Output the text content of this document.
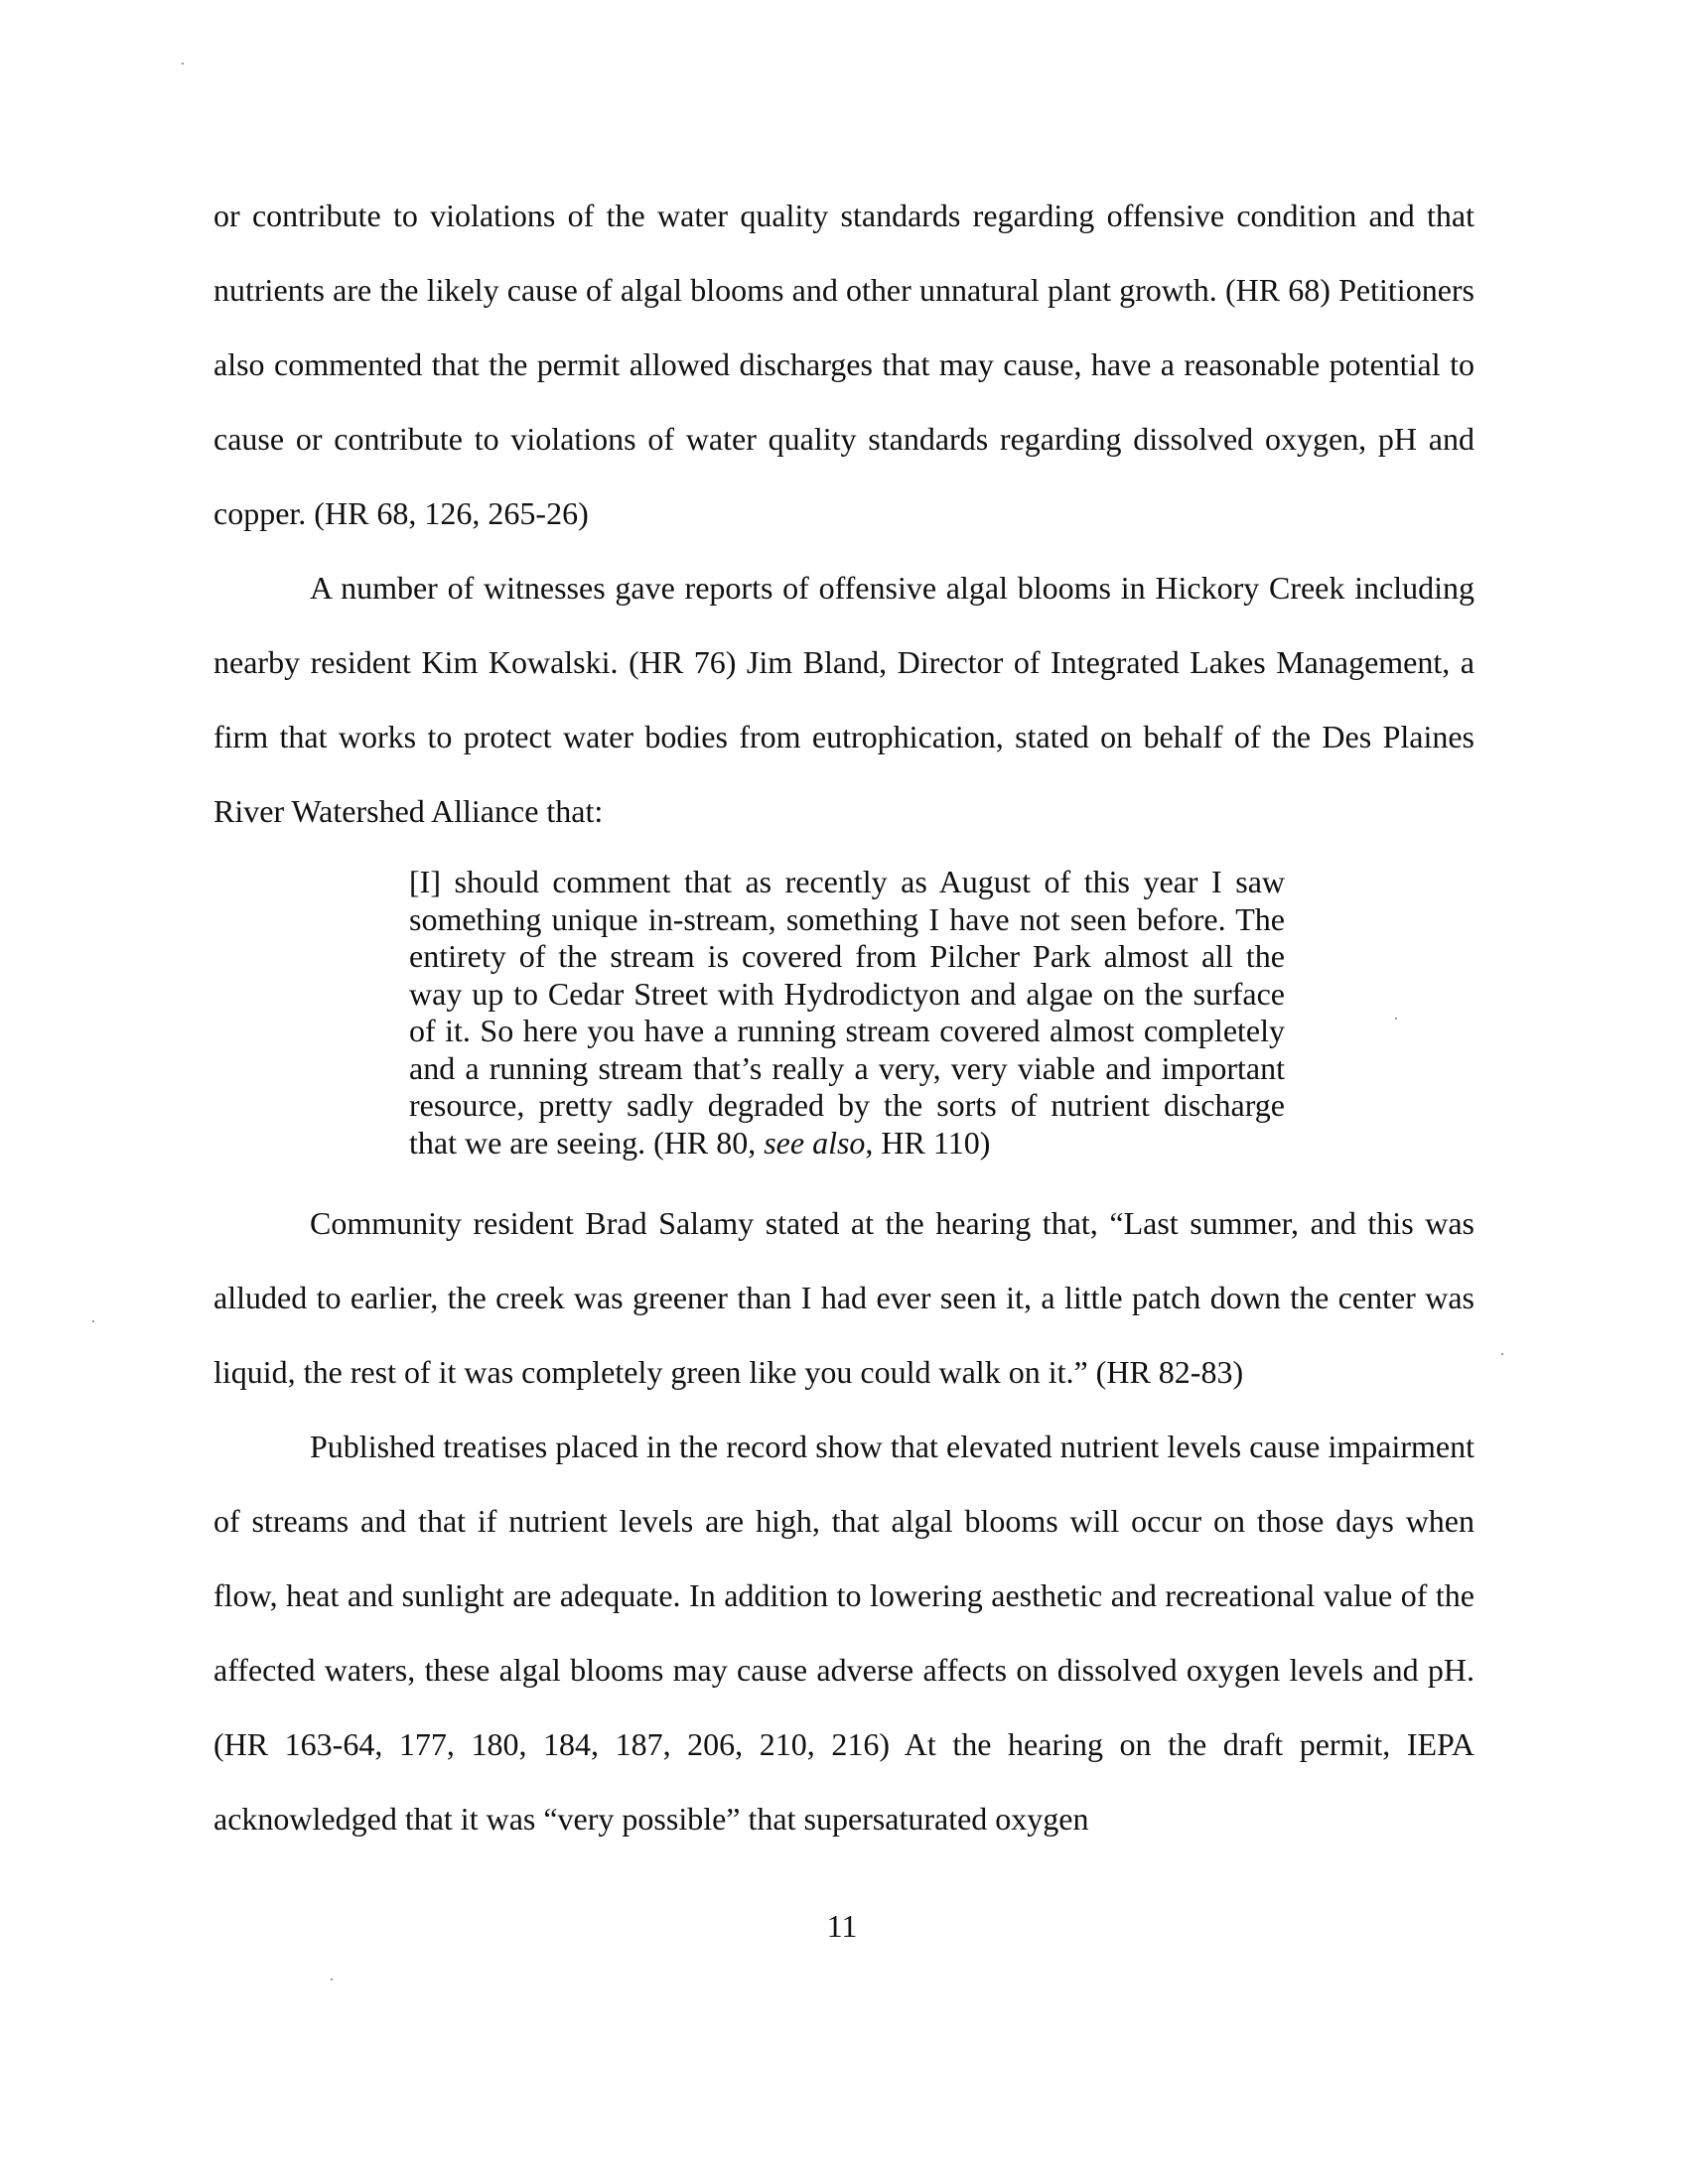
or contribute to violations of the water quality standards regarding offensive condition and that nutrients are the likely cause of algal blooms and other unnatural plant growth. (HR 68) Petitioners also commented that the permit allowed discharges that may cause, have a reasonable potential to cause or contribute to violations of water quality standards regarding dissolved oxygen, pH and copper. (HR 68, 126, 265-26)

A number of witnesses gave reports of offensive algal blooms in Hickory Creek including nearby resident Kim Kowalski. (HR 76) Jim Bland, Director of Integrated Lakes Management, a firm that works to protect water bodies from eutrophication, stated on behalf of the Des Plaines River Watershed Alliance that:

[I] should comment that as recently as August of this year I saw something unique in-stream, something I have not seen before. The entirety of the stream is covered from Pilcher Park almost all the way up to Cedar Street with Hydrodictyon and algae on the surface of it. So here you have a running stream covered almost completely and a running stream that’s really a very, very viable and important resource, pretty sadly degraded by the sorts of nutrient discharge that we are seeing. (HR 80, see also, HR 110)

Community resident Brad Salamy stated at the hearing that, “Last summer, and this was alluded to earlier, the creek was greener than I had ever seen it, a little patch down the center was liquid, the rest of it was completely green like you could walk on it.” (HR 82-83)

Published treatises placed in the record show that elevated nutrient levels cause impairment of streams and that if nutrient levels are high, that algal blooms will occur on those days when flow, heat and sunlight are adequate. In addition to lowering aesthetic and recreational value of the affected waters, these algal blooms may cause adverse affects on dissolved oxygen levels and pH. (HR 163-64, 177, 180, 184, 187, 206, 210, 216) At the hearing on the draft permit, IEPA acknowledged that it was “very possible” that supersaturated oxygen

11
